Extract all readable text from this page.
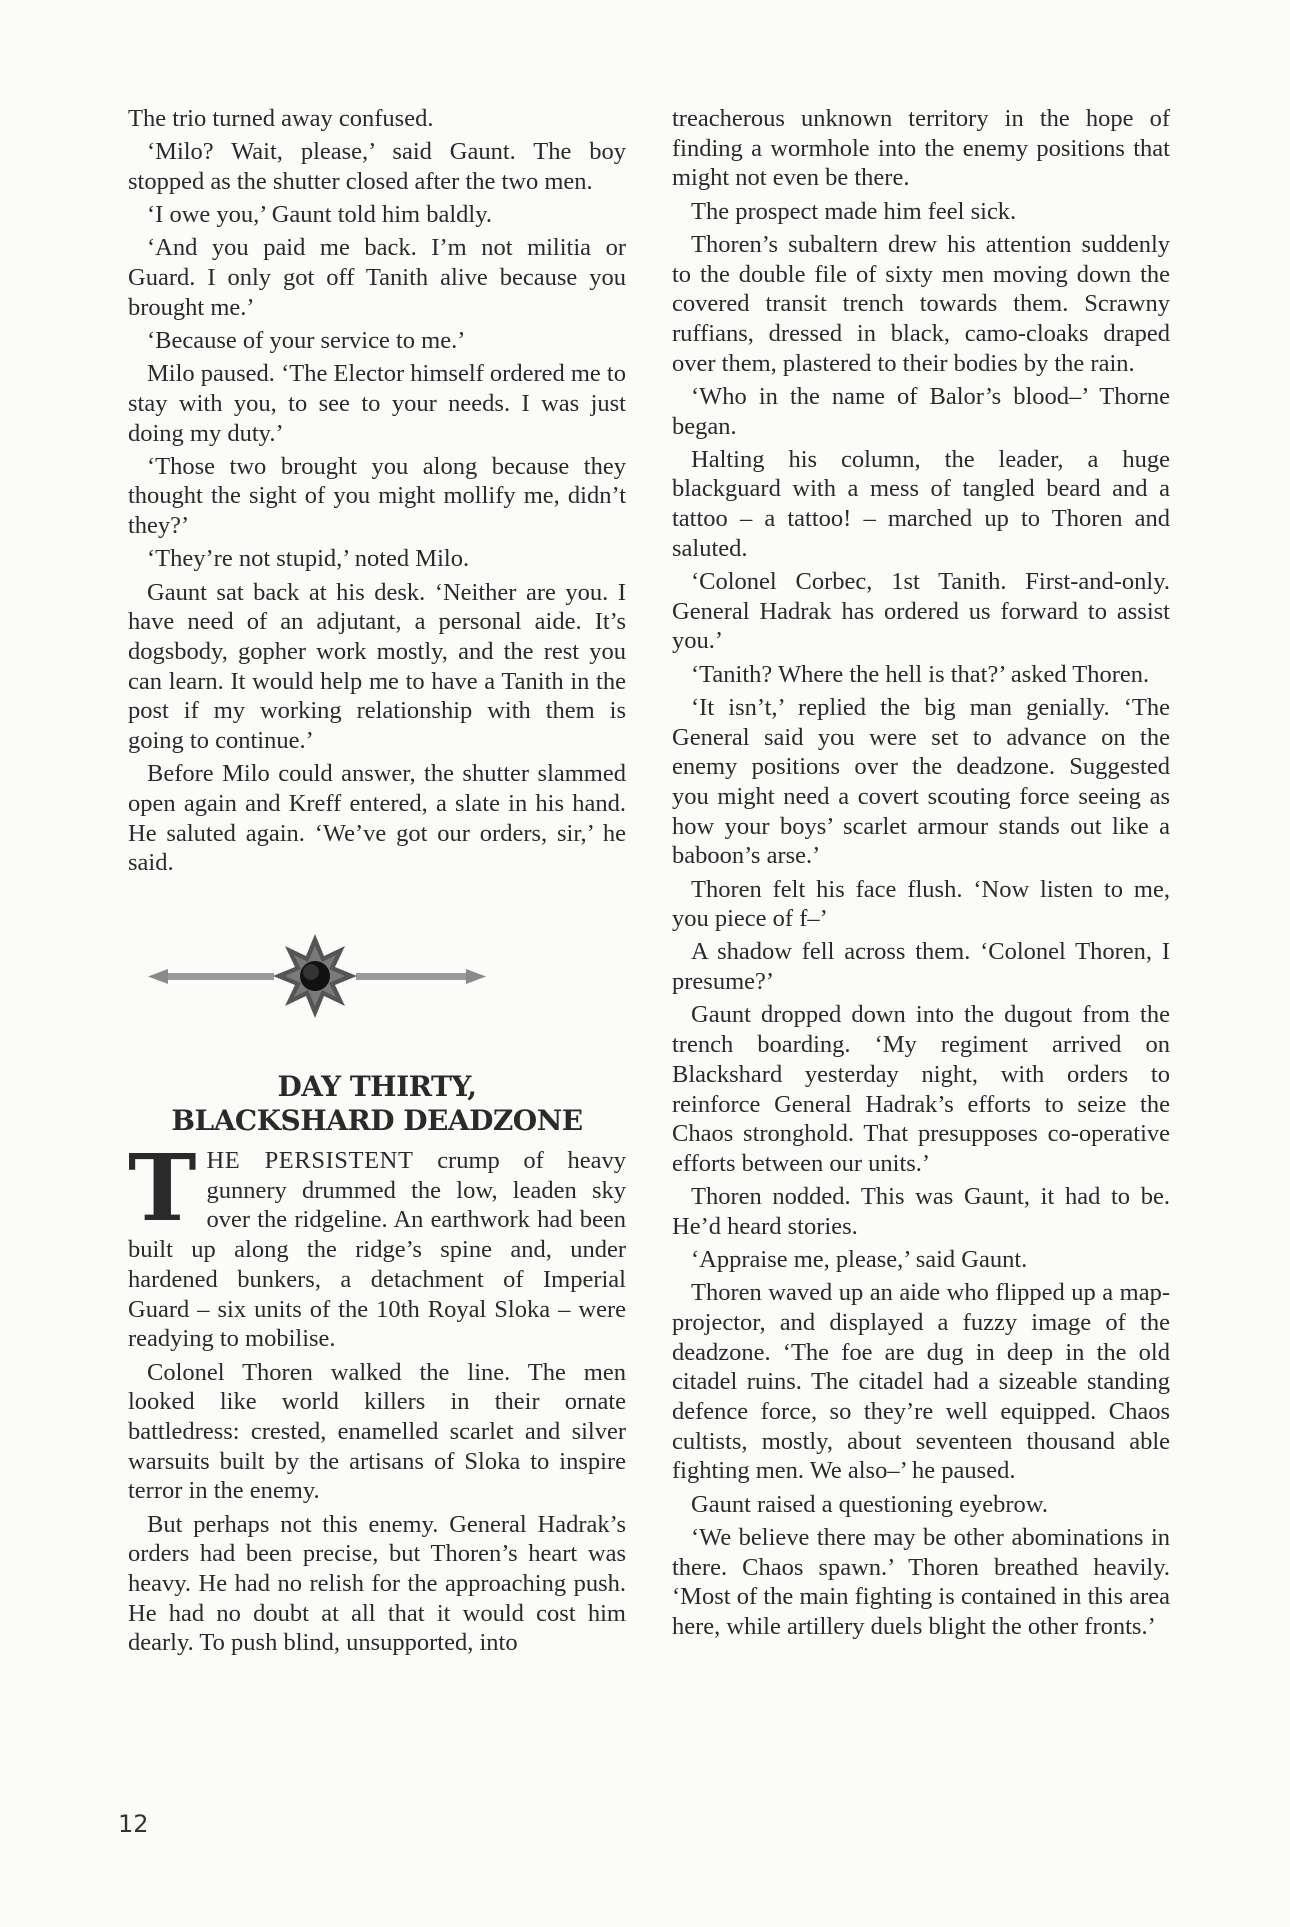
The trio turned away confused.

‘Milo? Wait, please,’ said Gaunt. The boy stopped as the shutter closed after the two men.

‘I owe you,’ Gaunt told him baldly.

‘And you paid me back. I’m not militia or Guard. I only got off Tanith alive because you brought me.’

‘Because of your service to me.’

Milo paused. ‘The Elector himself ordered me to stay with you, to see to your needs. I was just doing my duty.’

‘Those two brought you along because they thought the sight of you might mollify me, didn’t they?’

‘They’re not stupid,’ noted Milo.

Gaunt sat back at his desk. ‘Neither are you. I have need of an adjutant, a personal aide. It’s dogsbody, gopher work mostly, and the rest you can learn. It would help me to have a Tanith in the post if my working relationship with them is going to continue.’

Before Milo could answer, the shutter slammed open again and Kreff entered, a slate in his hand. He saluted again. ‘We’ve got our orders, sir,’ he said.

DAY THIRTY,
BLACKSHARD DEADZONE

THE PERSISTENT crump of heavy gunnery drummed the low, leaden sky over the ridgeline. An earthwork had been built up along the ridge’s spine and, under hardened bunkers, a detachment of Imperial Guard – six units of the 10th Royal Sloka – were readying to mobilise.

Colonel Thoren walked the line. The men looked like world killers in their ornate battledress: crested, enamelled scarlet and silver warsuits built by the artisans of Sloka to inspire terror in the enemy.

But perhaps not this enemy. General Hadrak’s orders had been precise, but Thoren’s heart was heavy. He had no relish for the approaching push. He had no doubt at all that it would cost him dearly. To push blind, unsupported, into

treacherous unknown territory in the hope of finding a wormhole into the enemy positions that might not even be there.

The prospect made him feel sick.

Thoren’s subaltern drew his attention suddenly to the double file of sixty men moving down the covered transit trench towards them. Scrawny ruffians, dressed in black, camo-cloaks draped over them, plastered to their bodies by the rain.

‘Who in the name of Balor’s blood–’ Thorne began.

Halting his column, the leader, a huge blackguard with a mess of tangled beard and a tattoo – a tattoo! – marched up to Thoren and saluted.

‘Colonel Corbec, 1st Tanith. First-and-only. General Hadrak has ordered us forward to assist you.’

‘Tanith? Where the hell is that?’ asked Thoren.

‘It isn’t,’ replied the big man genially. ‘The General said you were set to advance on the enemy positions over the deadzone. Suggested you might need a covert scouting force seeing as how your boys’ scarlet armour stands out like a baboon’s arse.’

Thoren felt his face flush. ‘Now listen to me, you piece of f–’

A shadow fell across them. ‘Colonel Thoren, I presume?’

Gaunt dropped down into the dugout from the trench boarding. ‘My regiment arrived on Blackshard yesterday night, with orders to reinforce General Hadrak’s efforts to seize the Chaos stronghold. That presupposes co-operative efforts between our units.’

Thoren nodded. This was Gaunt, it had to be. He’d heard stories.

‘Appraise me, please,’ said Gaunt.

Thoren waved up an aide who flipped up a map-projector, and displayed a fuzzy image of the deadzone. ‘The foe are dug in deep in the old citadel ruins. The citadel had a sizeable standing defence force, so they’re well equipped. Chaos cultists, mostly, about seventeen thousand able fighting men. We also–’ he paused.

Gaunt raised a questioning eyebrow.

‘We believe there may be other abominations in there. Chaos spawn.’ Thoren breathed heavily. ‘Most of the main fighting is contained in this area here, while artillery duels blight the other fronts.’

12
